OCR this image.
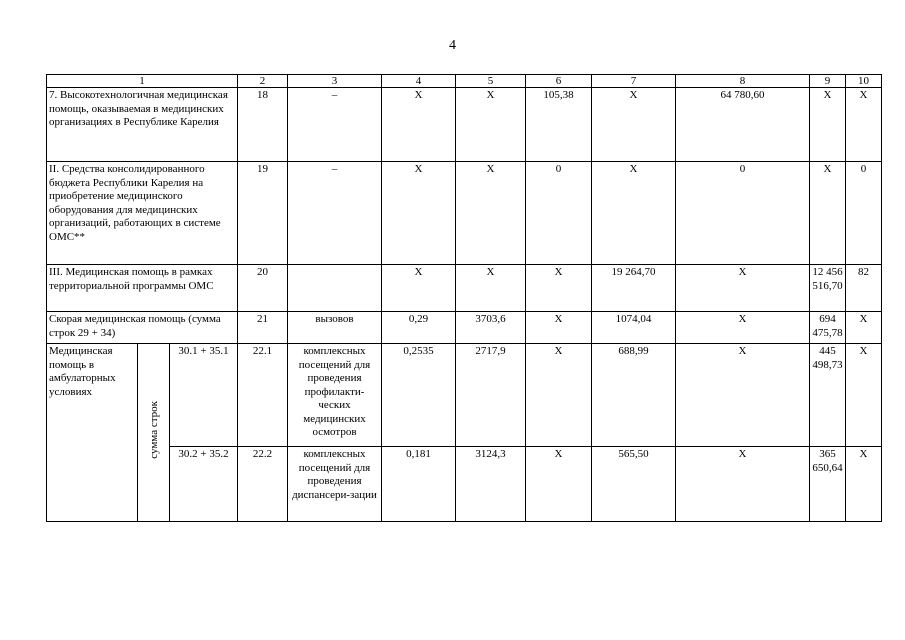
4
1			2	3	4	5	6	7	8	9	10
7. Высокотехнологичная медицинская помощь, оказываемая в медицинских организациях в Республике Карелия			18	–	X	X	105,38	X	64 780,60	X	X
II. Средства консолидированного бюджета Республики Карелия на приобретение медицинского оборудования для медицинских организаций, работающих в системе ОМС**			19	–	X	X	0	X	0	X	0
III. Медицинская помощь в рамках территориальной программы ОМС			20		X	X	X	19 264,70	X	12 456 516,70	82
Скорая медицинская помощь (сумма строк 29 + 34)			21	вызовов	0,29	3703,6	X	1074,04	X	694 475,78	X
Медицинская помощь в амбулаторных условиях	сумма строк	30.1 + 35.1	22.1	комплексных посещений для проведения профилакти-ческих медицинских осмотров	0,2535	2717,9	X	688,99	X	445 498,73	X
		30.2 + 35.2	22.2	комплексных посещений для проведения диспансери-зации	0,181	3124,3	X	565,50	X	365 650,64	X
